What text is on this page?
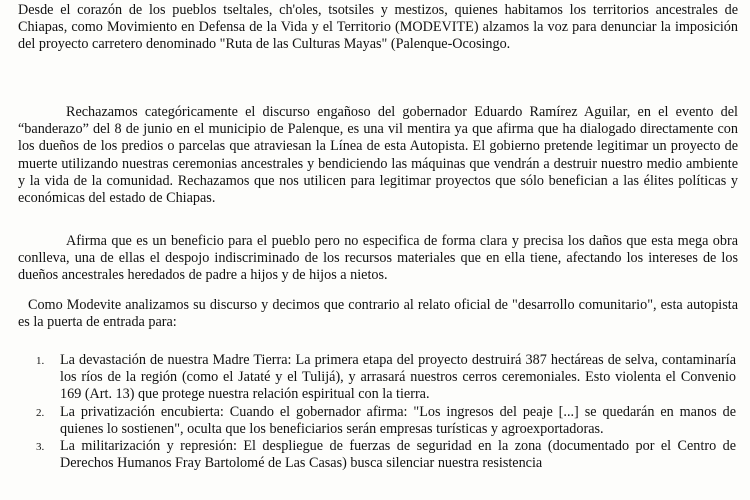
Desde el corazón de los pueblos tseltales, ch'oles, tsotsiles y mestizos, quienes habitamos los territorios ancestrales de Chiapas, como Movimiento en Defensa de la Vida y el Territorio (MODEVITE) alzamos la voz para denunciar la imposición del proyecto carretero denominado "Ruta de las Culturas Mayas" (Palenque-Ocosingo.

Rechazamos categóricamente el discurso engañoso del gobernador Eduardo Ramírez Aguilar, en el evento del “banderazo” del 8 de junio en el municipio de Palenque, es una vil mentira ya que afirma que ha dialogado directamente con los dueños de los predios o parcelas que atraviesan la Línea de esta Autopista. El gobierno pretende legitimar un proyecto de muerte utilizando nuestras ceremonias ancestrales y bendiciendo las máquinas que vendrán a destruir nuestro medio ambiente y la vida de la comunidad. Rechazamos que nos utilicen para legitimar proyectos que sólo benefician a las élites políticas y económicas del estado de Chiapas.

Afirma que es un beneficio para el pueblo pero no especifica de forma clara y precisa los daños que esta mega obra conlleva, una de ellas el despojo indiscriminado de los recursos materiales que en ella tiene, afectando los intereses de los dueños ancestrales heredados de padre a hijos y de hijos a nietos.

Como Modevite analizamos su discurso y decimos que contrario al relato oficial de "desarrollo comunitario", esta autopista es la puerta de entrada para:

1. La devastación de nuestra Madre Tierra: La primera etapa del proyecto destruirá 387 hectáreas de selva, contaminaría los ríos de la región (como el Jataté y el Tulijá), y arrasará nuestros cerros ceremoniales. Esto violenta el Convenio 169 (Art. 13) que protege nuestra relación espiritual con la tierra.
2. La privatización encubierta: Cuando el gobernador afirma: "Los ingresos del peaje [...] se quedarán en manos de quienes lo sostienen", oculta que los beneficiarios serán empresas turísticas y agroexportadoras.
3. La militarización y represión: El despliegue de fuerzas de seguridad en la zona (documentado por el Centro de Derechos Humanos Fray Bartolomé de Las Casas) busca silenciar nuestra resistencia
